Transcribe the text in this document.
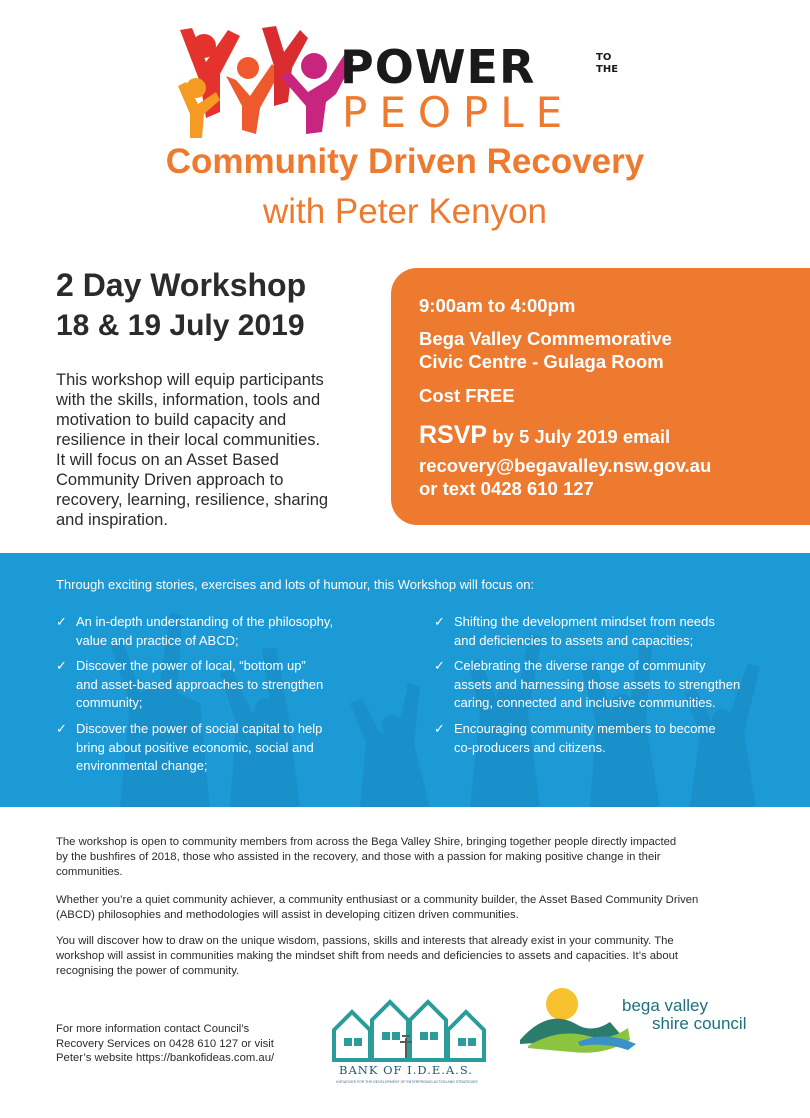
POWER	TO
THE
PEOPLE
Community Driven Recovery
with Peter Kenyon
2 Day Workshop
18 & 19 July 2019
This workshop will equip participants
with the skills, information, tools and
motivation to build capacity and
resilience in their local communities.
It will focus on an Asset Based
Community Driven approach to
recovery, learning, resilience, sharing
and inspiration.
9:00am to 4:00pm
Bega Valley Commemorative
Civic Centre - Gulaga Room
Cost FREE
RSVP by 5 July 2019 email
recovery@begavalley.nsw.gov.au
or text 0428 610 127
Through exciting stories, exercises and lots of humour, this Workshop will focus on:
✓ An in-depth understanding of the philosophy,
value and practice of ABCD;
✓ Discover the power of local, “bottom up”
and asset-based approaches to strengthen
community;
✓ Discover the power of social capital to help
bring about positive economic, social and
environmental change;
✓ Shifting the development mindset from needs
and deficiencies to assets and capacities;
✓ Celebrating the diverse range of community
assets and harnessing those assets to strengthen
caring, connected and inclusive communities.
✓ Encouraging community members to become
co-producers and citizens.
The workshop is open to community members from across the Bega Valley Shire, bringing together people directly impacted
by the bushfires of 2018, those who assisted in the recovery, and those with a passion for making positive change in their
communities.
Whether you’re a quiet community achiever, a community enthusiast or a community builder, the Asset Based Community Driven
(ABCD) philosophies and methodologies will assist in developing citizen driven communities.
You will discover how to draw on the unique wisdom, passions, skills and interests that already exist in your community. The
workshop will assist in communities making the mindset shift from needs and deficiencies to assets and capacities. It’s about
recognising the power of community.
For more information contact Council’s
Recovery Services on 0428 610 127 or visit
Peter’s website https://bankofideas.com.au/
BANK OF I.D.E.A.S.
INITIATIVES FOR THE DEVELOPMENT OF ENTERPRISING ACTION AND STRATEGIES
bega valley
shire council
